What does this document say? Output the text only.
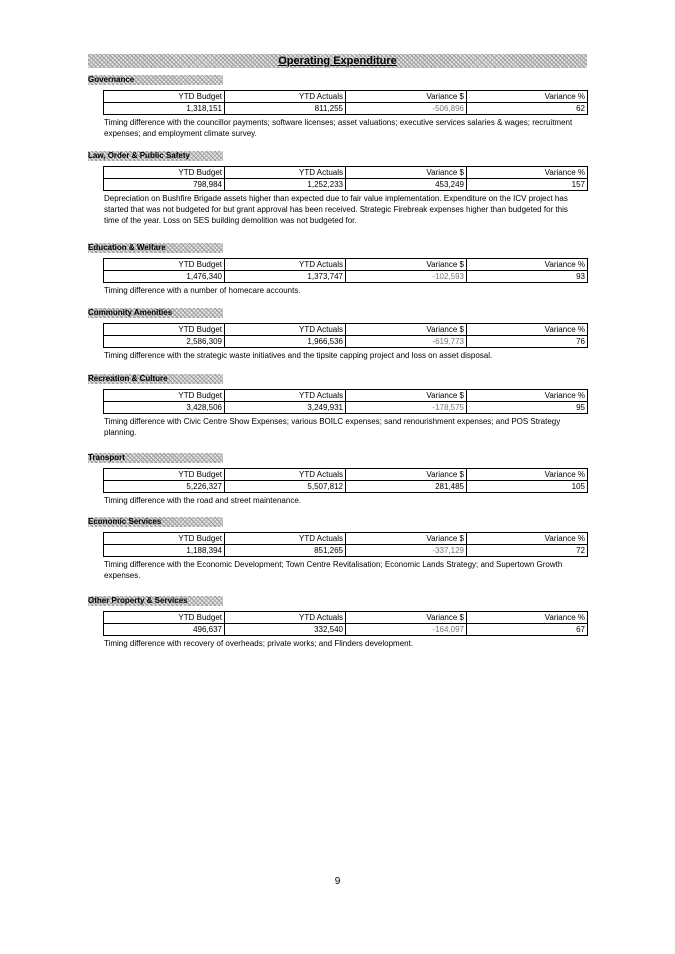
Operating Expenditure
Governance
YTD Budget	YTD Actuals	Variance $	Variance %
1,318,151	811,255	-506,896	62
Timing difference with the councillor payments; software licenses; asset valuations; executive services salaries & wages; recruitment expenses; and employment climate survey.
Law, Order & Public Safety
YTD Budget	YTD Actuals	Variance $	Variance %
798,984	1,252,233	453,249	157
Depreciation on Bushfire Brigade assets higher than expected due to fair value implementation. Expenditure on the ICV project has started that was not budgeted for but grant approval has been received. Strategic Firebreak expenses higher than budgeted for this time of the year. Loss on SES building demolition was not budgeted for.
Education & Welfare
YTD Budget	YTD Actuals	Variance $	Variance %
1,476,340	1,373,747	-102,593	93
Timing difference with a number of homecare accounts.
Community Amenities
YTD Budget	YTD Actuals	Variance $	Variance %
2,586,309	1,966,536	-619,773	76
Timing difference with the strategic waste initiatives and the tipsite capping project and loss on asset disposal.
Recreation & Culture
YTD Budget	YTD Actuals	Variance $	Variance %
3,428,506	3,249,931	-178,575	95
Timing difference with Civic Centre Show Expenses; various BOILC expenses; sand renourishment expenses; and POS Strategy planning.
Transport
YTD Budget	YTD Actuals	Variance $	Variance %
5,226,327	5,507,812	281,485	105
Timing difference with the road and street maintenance.
Economic Services
YTD Budget	YTD Actuals	Variance $	Variance %
1,188,394	851,265	-337,129	72
Timing difference with the Economic Development; Town Centre Revitalisation; Economic Lands Strategy; and Supertown Growth expenses.
Other Property & Services
YTD Budget	YTD Actuals	Variance $	Variance %
496,637	332,540	-164,097	67
Timing difference with recovery of overheads; private works; and Flinders development.
9
